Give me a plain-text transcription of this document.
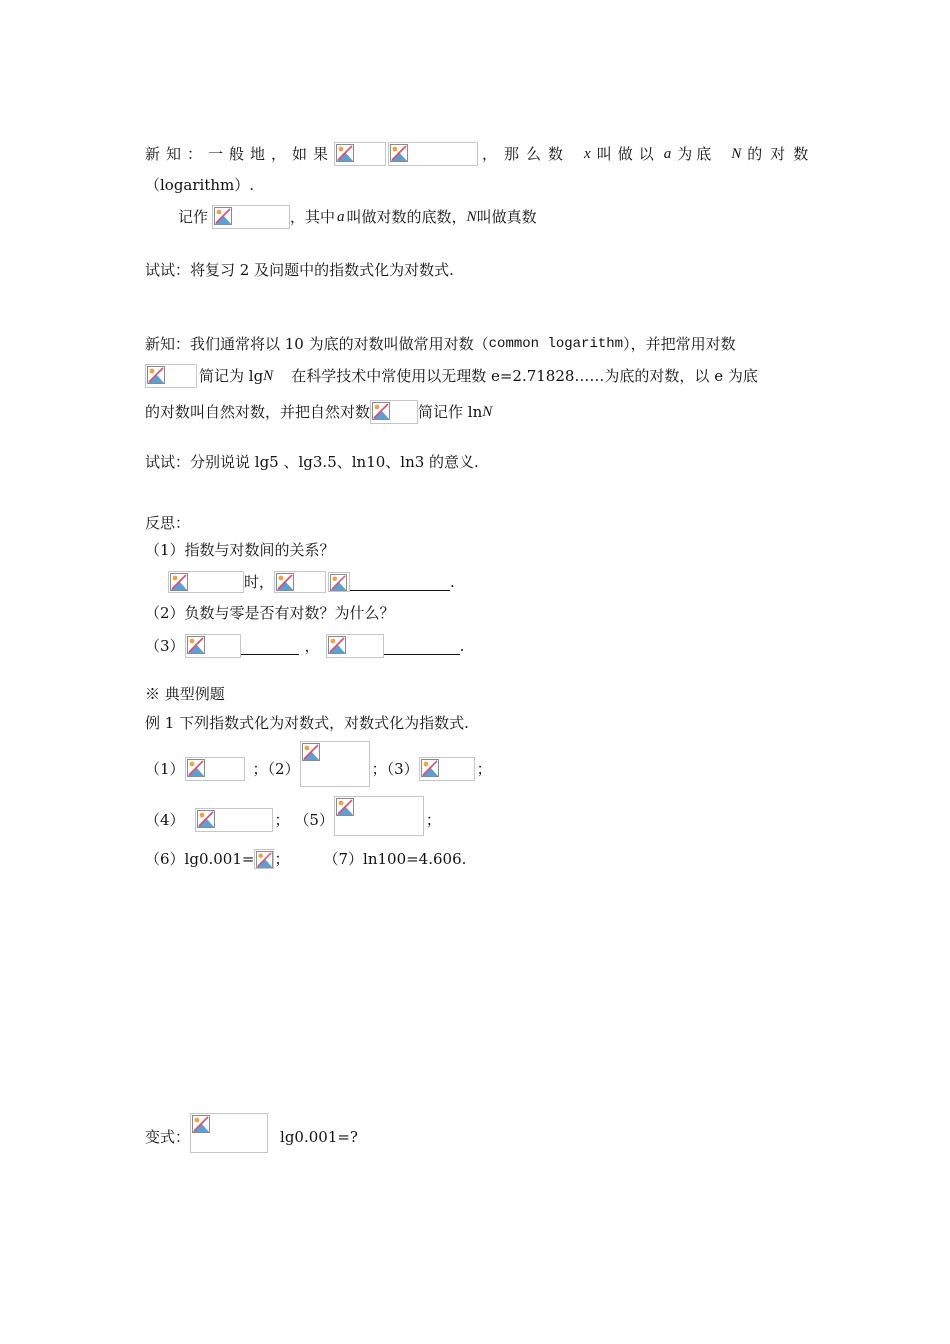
新知：一般地，如果	，那么数 x 叫做以 a 为底 N 的对数
（logarithm）.
记作	，其中 a 叫做对数的底数，N叫做真数
试试：将复习 2 及问题中的指数式化为对数式.
新知：我们通常将以 10 为底的对数叫做常用对数（common logarithm），并把常用对数
简记为 lgN 在科学技术中常使用以无理数 e=2.71828……为底的对数，以 e 为底
的对数叫自然对数，并把自然对数	简记作 lnN
试试：分别说说 lg5 、lg3.5、ln10、ln3 的意义.
反思：
（1）指数与对数间的关系？
时，	.
（2）负数与零是否有对数？为什么？
（3）	，	.
※ 典型例题
例 1 下列指数式化为对数式，对数式化为指数式.
（1）	；（2）	；（3）	；
（4）	； （5）	；
（6）lg0.001= ； （7）ln100=4.606.
变式：	lg0.001=?
